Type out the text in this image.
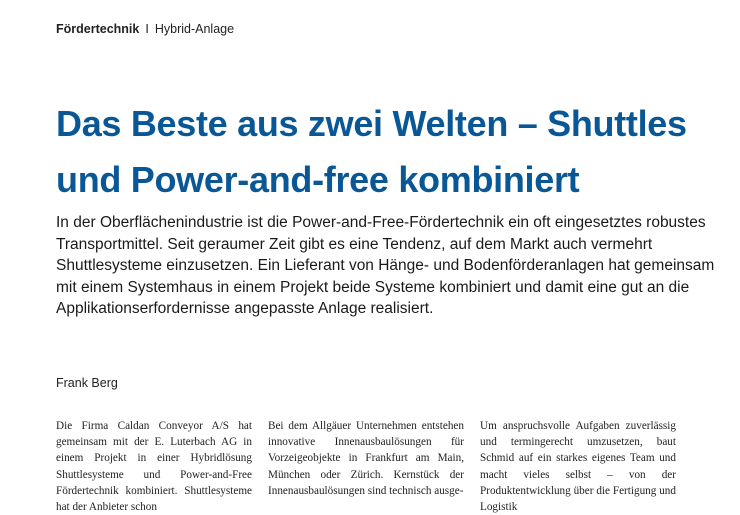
Fördertechnik I Hybrid-Anlage
Das Beste aus zwei Welten – Shuttles und Power-and-free kombiniert

In der Oberflächenindustrie ist die Power-and-Free-Fördertechnik ein oft eingesetztes robustes Transportmittel. Seit geraumer Zeit gibt es eine Tendenz, auf dem Markt auch vermehrt Shuttlesysteme einzusetzen. Ein Lieferant von Hänge- und Bodenförderanlagen hat gemeinsam mit einem Systemhaus in einem Projekt beide Systeme kombiniert und damit eine gut an die Applikationserfordernisse angepasste Anlage realisiert.

Frank Berg

Die Firma Caldan Conveyor A/S hat gemeinsam mit der E. Luterbach AG in einem Projekt in einer Hybridlösung Shuttlesysteme und Power-and-Free Fördertechnik kombiniert. Shuttlesysteme hat der Anbieter schon

Bei dem Allgäuer Unternehmen entstehen innovative Innenausbaulösungen für Vorzeigeobjekte in Frankfurt am Main, München oder Zürich. Kernstück der Innenausbaulösungen sind technisch ausge-

Um anspruchsvolle Aufgaben zuverlässig und termingerecht umzusetzen, baut Schmid auf ein starkes eigenes Team und macht vieles selbst – von der Produktentwicklung über die Fertigung und Logistik
